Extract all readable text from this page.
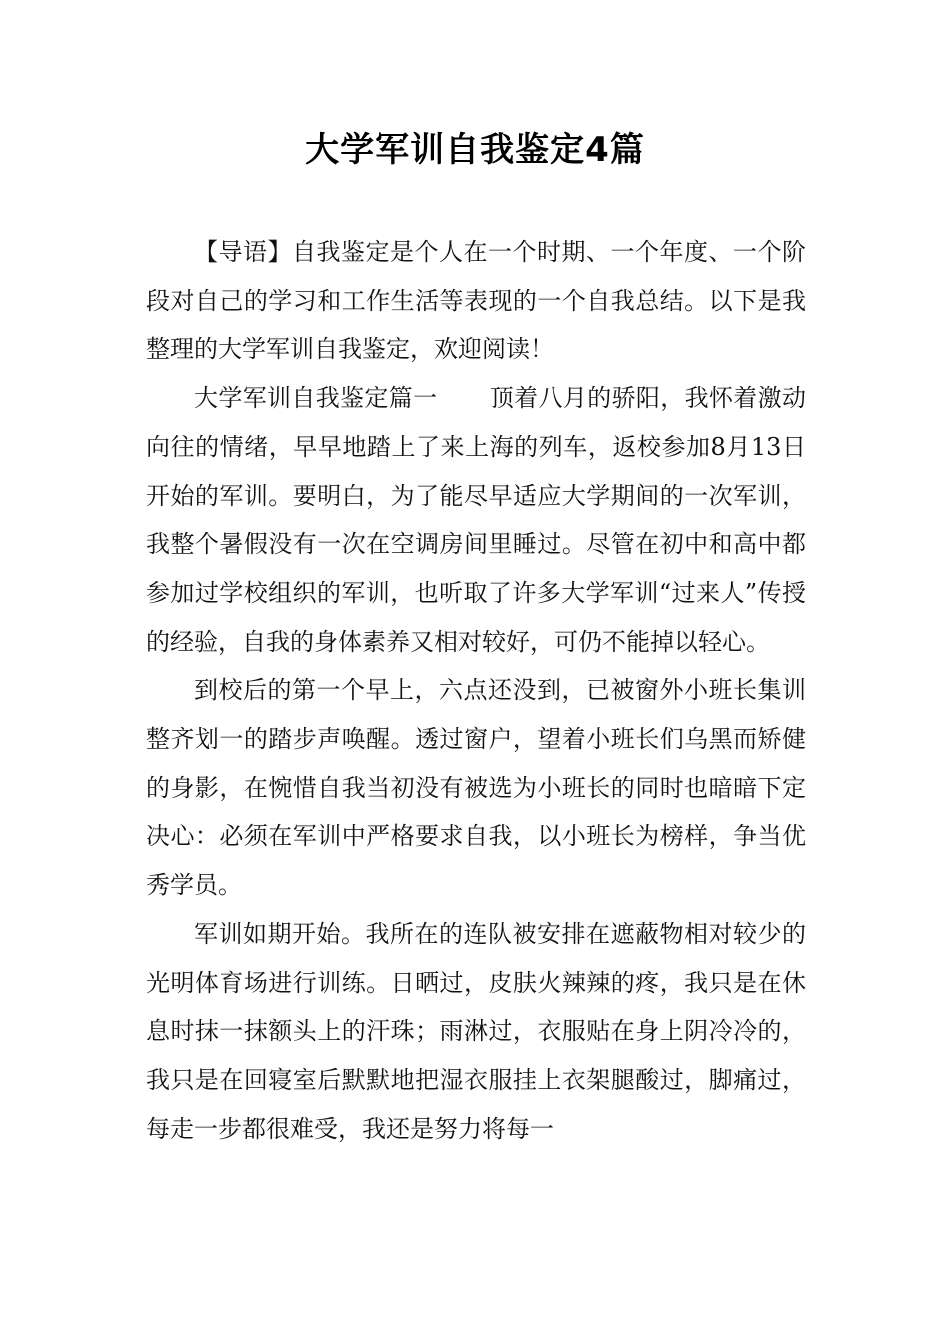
大学军训自我鉴定4篇

【导语】自我鉴定是个人在一个时期、一个年度、一个阶段对自己的学习和工作生活等表现的一个自我总结。以下是我整理的大学军训自我鉴定，欢迎阅读！

大学军训自我鉴定篇一 顶着八月的骄阳，我怀着激动向往的情绪，早早地踏上了来上海的列车，返校参加8月13日开始的军训。要明白，为了能尽早适应大学期间的一次军训，我整个暑假没有一次在空调房间里睡过。尽管在初中和高中都参加过学校组织的军训，也听取了许多大学军训“过来人”传授的经验，自我的身体素养又相对较好，可仍不能掉以轻心。

到校后的第一个早上，六点还没到，已被窗外小班长集训整齐划一的踏步声唤醒。透过窗户，望着小班长们乌黑而矫健的身影，在惋惜自我当初没有被选为小班长的同时也暗暗下定决心：必须在军训中严格要求自我，以小班长为榜样，争当优秀学员。

军训如期开始。我所在的连队被安排在遮蔽物相对较少的光明体育场进行训练。日晒过，皮肤火辣辣的疼，我只是在休息时抹一抹额头上的汗珠；雨淋过，衣服贴在身上阴冷冷的，我只是在回寝室后默默地把湿衣服挂上衣架腿酸过，脚痛过，每走一步都很难受，我还是努力将每一
